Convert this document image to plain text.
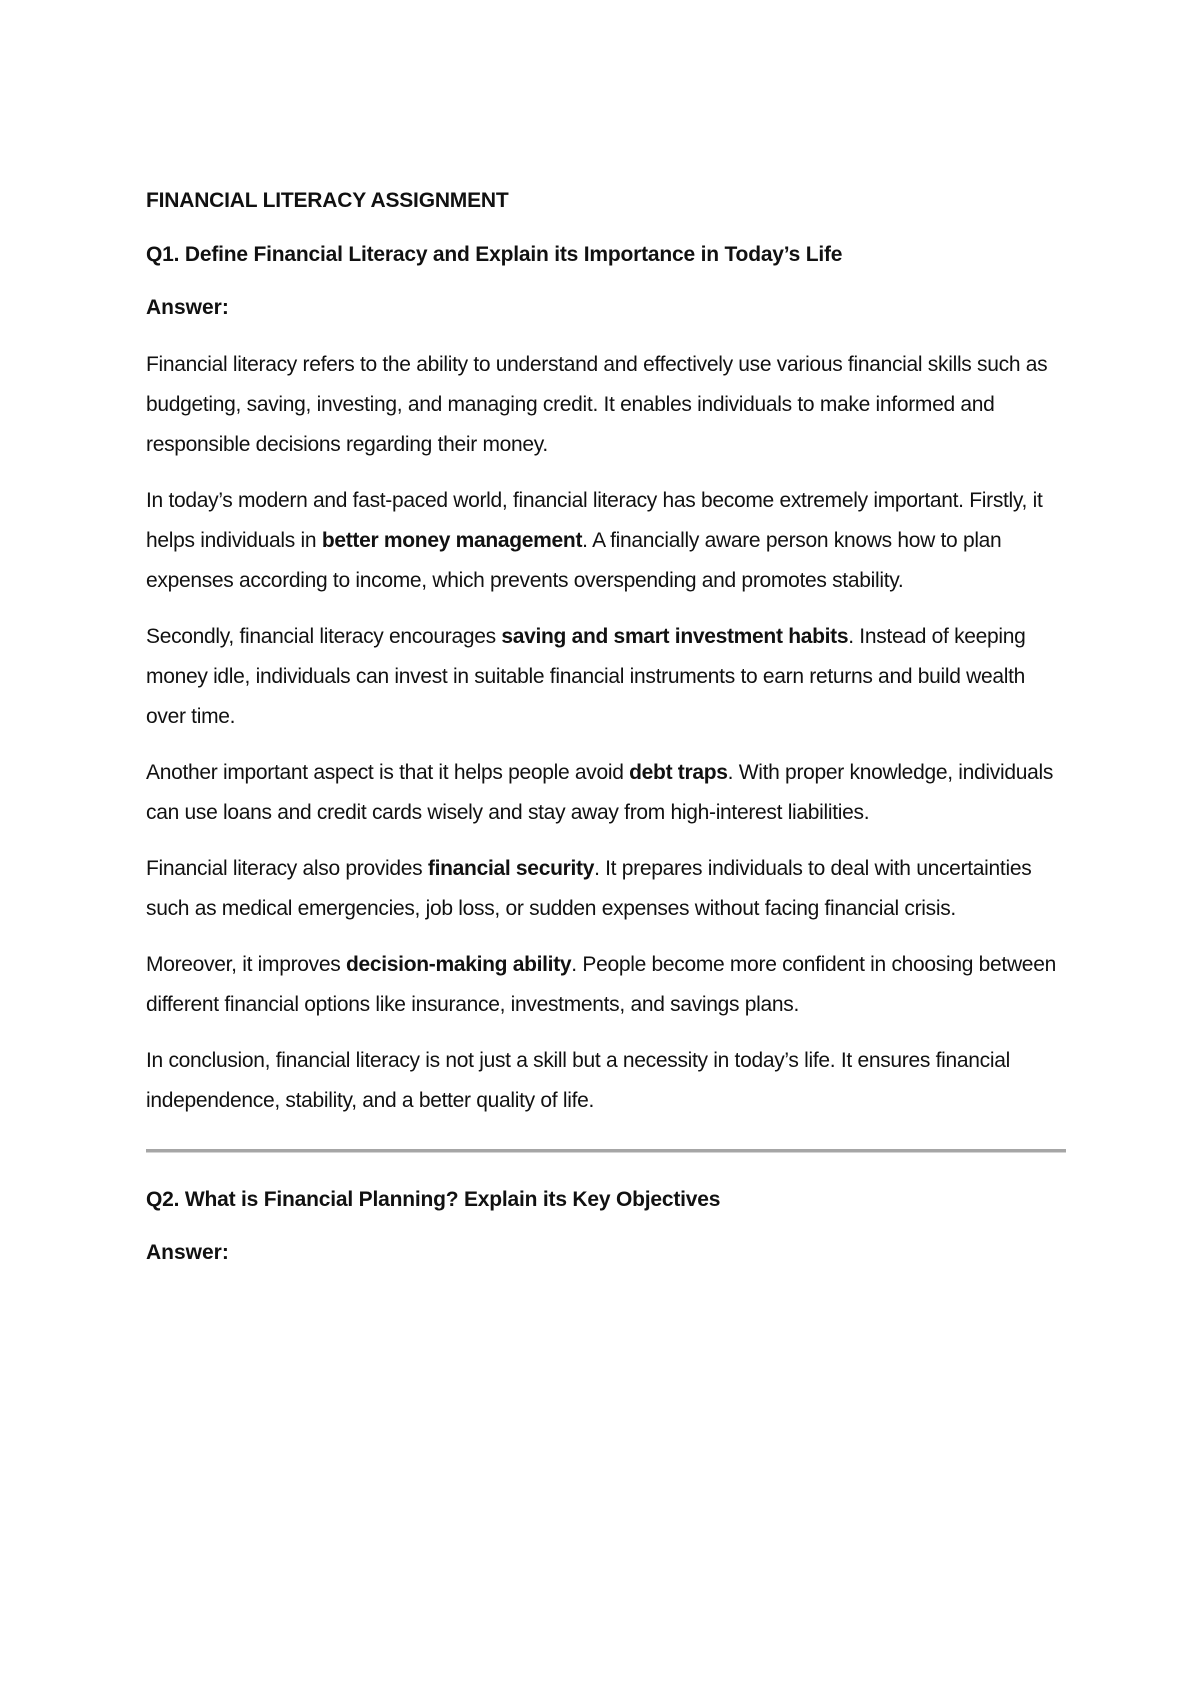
FINANCIAL LITERACY ASSIGNMENT
Q1. Define Financial Literacy and Explain its Importance in Today’s Life
Answer:

Financial literacy refers to the ability to understand and effectively use various financial skills such as budgeting, saving, investing, and managing credit. It enables individuals to make informed and responsible decisions regarding their money.

In today’s modern and fast-paced world, financial literacy has become extremely important. Firstly, it helps individuals in better money management. A financially aware person knows how to plan expenses according to income, which prevents overspending and promotes stability.

Secondly, financial literacy encourages saving and smart investment habits. Instead of keeping money idle, individuals can invest in suitable financial instruments to earn returns and build wealth over time.

Another important aspect is that it helps people avoid debt traps. With proper knowledge, individuals can use loans and credit cards wisely and stay away from high-interest liabilities.

Financial literacy also provides financial security. It prepares individuals to deal with uncertainties such as medical emergencies, job loss, or sudden expenses without facing financial crisis.

Moreover, it improves decision-making ability. People become more confident in choosing between different financial options like insurance, investments, and savings plans.

In conclusion, financial literacy is not just a skill but a necessity in today’s life. It ensures financial independence, stability, and a better quality of life.

Q2. What is Financial Planning? Explain its Key Objectives
Answer:
